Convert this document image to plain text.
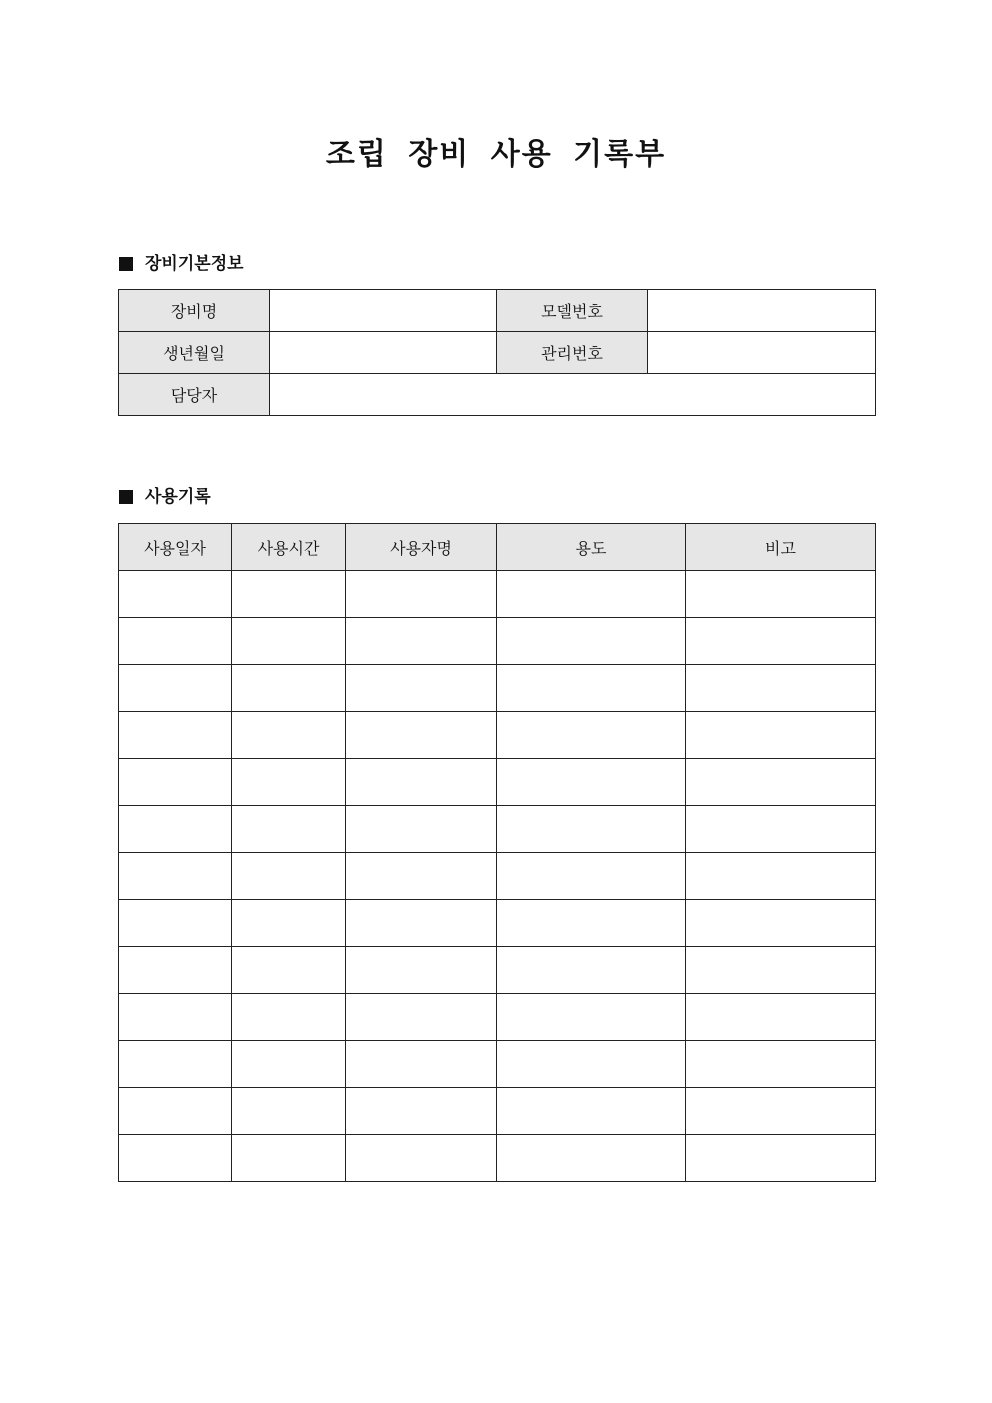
조립 장비 사용 기록부
장비기본정보
장비명		모델번호	
생년월일		관리번호	
담당자			
사용기록
사용일자	사용시간	사용자명	용도	비고
